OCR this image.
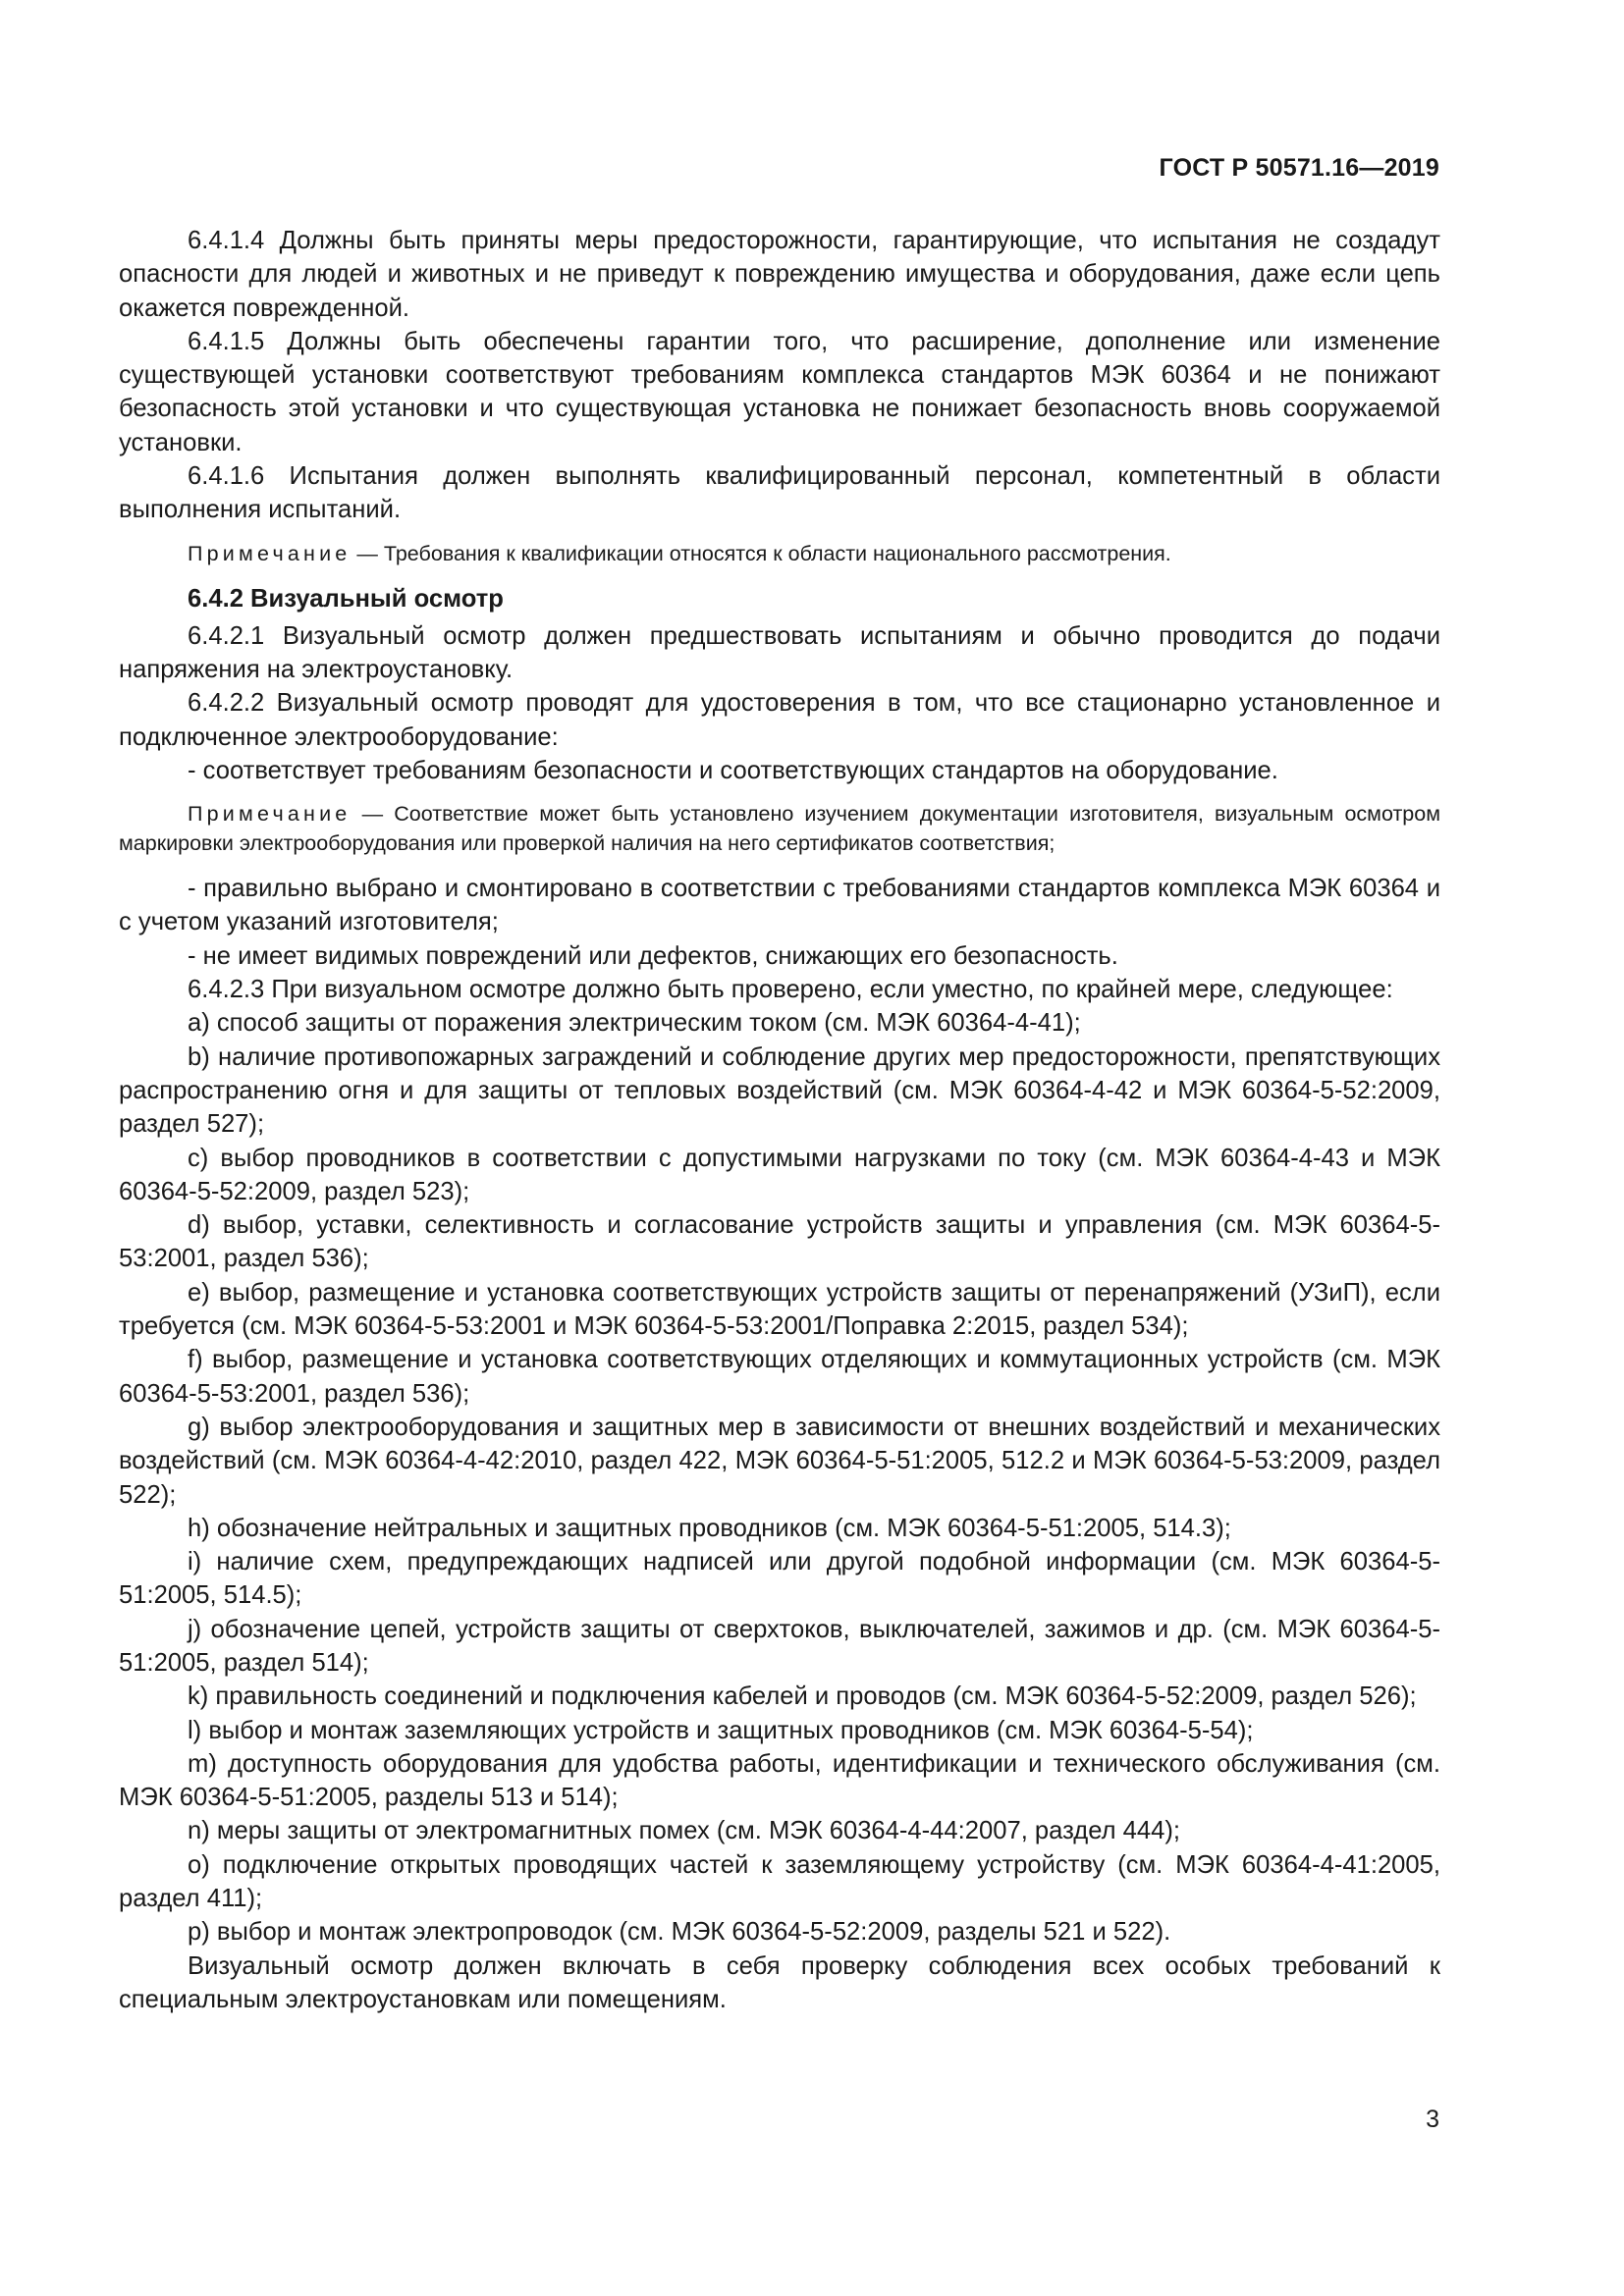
ГОСТ Р 50571.16—2019

6.4.1.4 Должны быть приняты меры предосторожности, гарантирующие, что испытания не создадут опасности для людей и животных и не приведут к повреждению имущества и оборудования, даже если цепь окажется поврежденной.

6.4.1.5 Должны быть обеспечены гарантии того, что расширение, дополнение или изменение существующей установки соответствуют требованиям комплекса стандартов МЭК 60364 и не понижают безопасность этой установки и что существующая установка не понижает безопасность вновь сооружаемой установки.

6.4.1.6 Испытания должен выполнять квалифицированный персонал, компетентный в области выполнения испытаний.

Примечание — Требования к квалификации относятся к области национального рассмотрения.

6.4.2 Визуальный осмотр

6.4.2.1 Визуальный осмотр должен предшествовать испытаниям и обычно проводится до подачи напряжения на электроустановку.

6.4.2.2 Визуальный осмотр проводят для удостоверения в том, что все стационарно установленное и подключенное электрооборудование:

- соответствует требованиям безопасности и соответствующих стандартов на оборудование.

Примечание — Соответствие может быть установлено изучением документации изготовителя, визуальным осмотром маркировки электрооборудования или проверкой наличия на него сертификатов соответствия;

- правильно выбрано и смонтировано в соответствии с требованиями стандартов комплекса МЭК 60364 и с учетом указаний изготовителя;

- не имеет видимых повреждений или дефектов, снижающих его безопасность.

6.4.2.3 При визуальном осмотре должно быть проверено, если уместно, по крайней мере, следующее:

a) способ защиты от поражения электрическим током (см. МЭК 60364-4-41);

b) наличие противопожарных заграждений и соблюдение других мер предосторожности, препятствующих распространению огня и для защиты от тепловых воздействий (см. МЭК 60364-4-42 и МЭК 60364-5-52:2009, раздел 527);

c) выбор проводников в соответствии с допустимыми нагрузками по току (см. МЭК 60364-4-43 и МЭК 60364-5-52:2009, раздел 523);

d) выбор, уставки, селективность и согласование устройств защиты и управления (см. МЭК 60364-5-53:2001, раздел 536);

e) выбор, размещение и установка соответствующих устройств защиты от перенапряжений (УЗиП), если требуется (см. МЭК 60364-5-53:2001 и МЭК 60364-5-53:2001/Поправка 2:2015, раздел 534);

f) выбор, размещение и установка соответствующих отделяющих и коммутационных устройств (см. МЭК 60364-5-53:2001, раздел 536);

g) выбор электрооборудования и защитных мер в зависимости от внешних воздействий и механических воздействий (см. МЭК 60364-4-42:2010, раздел 422, МЭК 60364-5-51:2005, 512.2 и МЭК 60364-5-53:2009, раздел 522);

h) обозначение нейтральных и защитных проводников (см. МЭК 60364-5-51:2005, 514.3);

i) наличие схем, предупреждающих надписей или другой подобной информации (см. МЭК 60364-5-51:2005, 514.5);

j) обозначение цепей, устройств защиты от сверхтоков, выключателей, зажимов и др. (см. МЭК 60364-5-51:2005, раздел 514);

k) правильность соединений и подключения кабелей и проводов (см. МЭК 60364-5-52:2009, раздел 526);

l) выбор и монтаж заземляющих устройств и защитных проводников (см. МЭК 60364-5-54);

m) доступность оборудования для удобства работы, идентификации и технического обслуживания (см. МЭК 60364-5-51:2005, разделы 513 и 514);

n) меры защиты от электромагнитных помех (см. МЭК 60364-4-44:2007, раздел 444);

o) подключение открытых проводящих частей к заземляющему устройству (см. МЭК 60364-4-41:2005, раздел 411);

p) выбор и монтаж электропроводок (см. МЭК 60364-5-52:2009, разделы 521 и 522).

Визуальный осмотр должен включать в себя проверку соблюдения всех особых требований к специальным электроустановкам или помещениям.

3
